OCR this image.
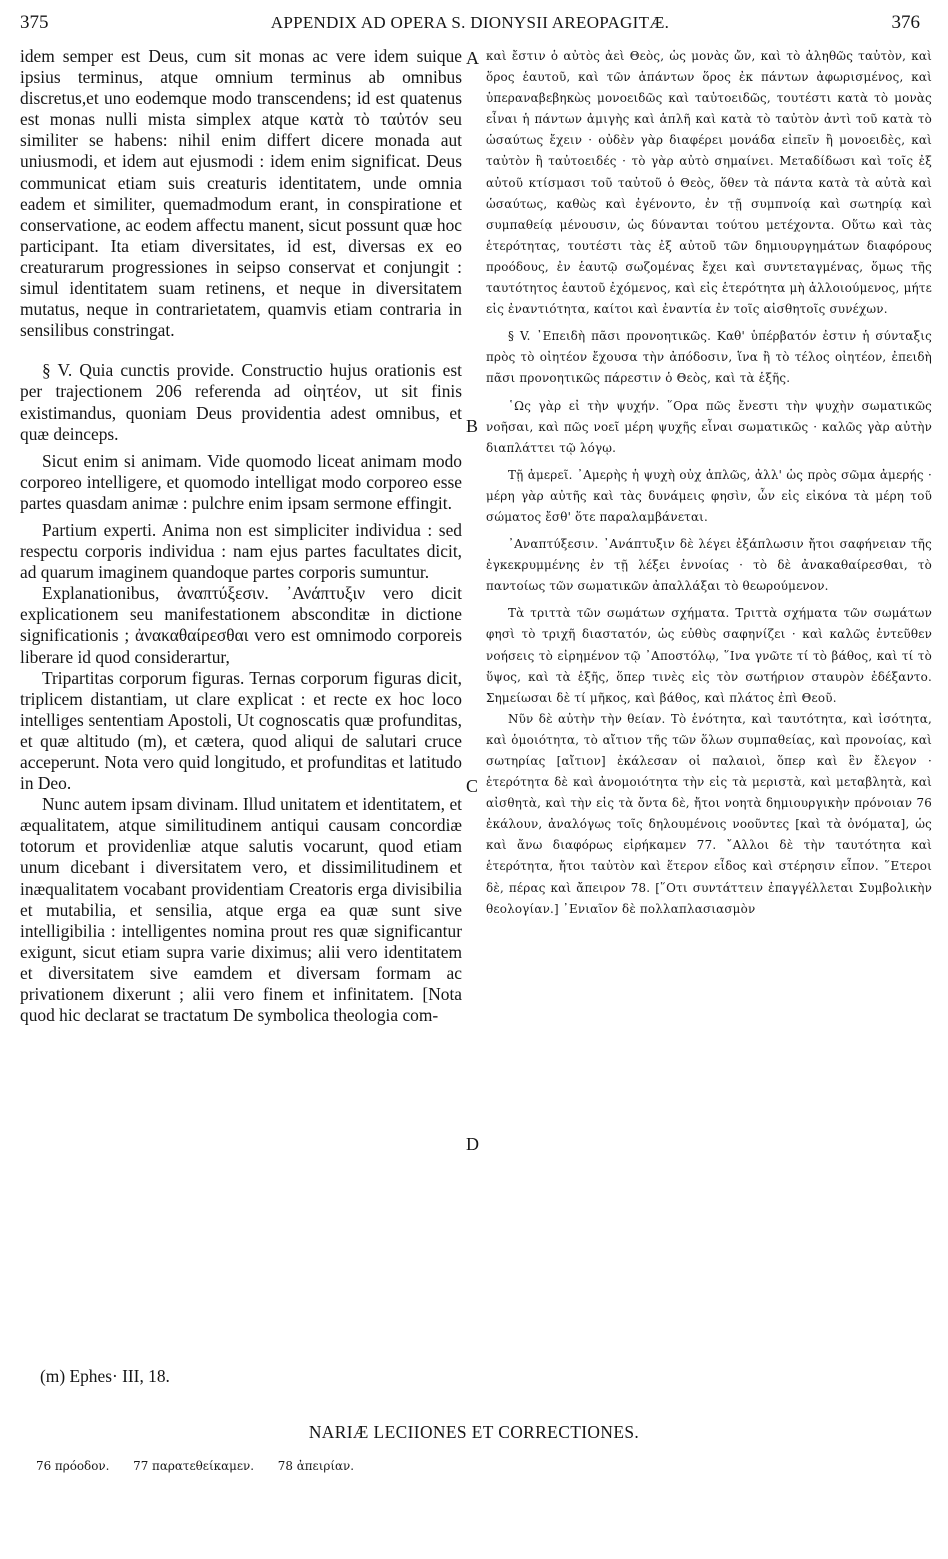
375	APPENDIX AD OPERA S. DIONYSII AREOPAGITÆ.	376
A
B
C
D

idem semper est Deus, cum sit monas ac vere idem suique ipsius terminus, atque omnium terminus ab omnibus discretus,et uno eodemque modo transcendens; id est quatenus est monas nulli mista simplex atque κατὰ τὸ ταὐτόν seu similiter se habens: nihil enim differt dicere monada aut uniusmodi, et idem aut ejusmodi : idem enim significat. Deus communicat etiam suis creaturis identitatem, unde omnia eadem et similiter, quemadmodum erant, in conspiratione et conservatione, ac eodem affectu manent, sicut possunt quæ hoc participant. Ita etiam diversitates, id est, diversas ex eo creaturarum progressiones in seipso conservat et conjungit : simul identitatem suam retinens, et neque in diversitatem mutatus, neque in contrarietatem, quamvis etiam contraria in sensilibus constringat.

§ V. Quia cunctis provide. Constructio hujus orationis est per trajectionem 206 referenda ad οἰητέον, ut sit finis existimandus, quoniam Deus providentia adest omnibus, et quæ deinceps.

Sicut enim si animam. Vide quomodo liceat animam modo corporeo intelligere, et quomodo intelligat modo corporeo esse partes quasdam animæ : pulchre enim ipsam sermone effingit.

Partium experti. Anima non est simpliciter individua : sed respectu corporis individua : nam ejus partes facultates dicit, ad quarum imaginem quandoque partes corporis sumuntur.

Explanationibus, ἀναπτύξεσιν. ᾿Ανάπτυξιν vero dicit explicationem seu manifestationem absconditæ in dictione significationis ; ἀνακαθαίρεσθαι vero est omnimodo corporeis liberare id quod considerartur,

Tripartitas corporum figuras. Ternas corporum figuras dicit, triplicem distantiam, ut clare explicat : et recte ex hoc loco intelliges sententiam Apostoli, Ut cognoscatis quæ profunditas, et quæ altitudo (m), et cætera, quod aliqui de salutari cruce acceperunt. Nota vero quid longitudo, et profunditas et latitudo in Deo.

Nunc autem ipsam divinam. Illud unitatem et identitatem, et æqualitatem, atque similitudinem antiqui causam concordiæ totorum et providenliæ atque salutis vocarunt, quod etiam unum dicebant i diversitatem vero, et dissimilitudinem et inæqualitatem vocabant providentiam Creatoris erga divisibilia et mutabilia, et sensilia, atque erga ea quæ sunt sive intelligibilia : intelligentes nomina prout res quæ significantur exigunt, sicut etiam supra varie diximus; alii vero identitatem et diversitatem sive eamdem et diversam formam ac privationem dixerunt ; alii vero finem et infinitatem. [Nota quod hic declarat se tractatum De symbolica theologia com-

καὶ ἔστιν ὁ αὐτὸς ἀεὶ Θεὸς, ὡς μονὰς ὤν, καὶ τὸ ἀληθῶς ταὐτὸν, καὶ ὅρος ἑαυτοῦ, καὶ τῶν ἁπάντων ὅρος ἐκ πάντων ἀφωρισμένος, καὶ ὑπεραναβεβηκὼς μονοειδῶς καὶ ταὐτοειδῶς, τουτέστι κατὰ τὸ μονὰς εἶναι ἡ πάντων ἀμιγὴς καὶ ἁπλῆ καὶ κατὰ τὸ ταὐτὸν ἀντὶ τοῦ κατὰ τὸ ὡσαύτως ἔχειν · οὐδὲν γὰρ διαφέρει μονάδα εἰπεῖν ἢ μονοειδὲς, καὶ ταὐτὸν ἢ ταὐτοειδές · τὸ γὰρ αὐτὸ σημαίνει. Μεταδίδωσι καὶ τοῖς ἐξ αὐτοῦ κτίσμασι τοῦ ταὐτοῦ ὁ Θεὸς, ὅθεν τὰ πάντα κατὰ τὰ αὐτὰ καὶ ὡσαύτως, καθὼς καὶ ἐγένοντο, ἐν τῇ συμπνοίᾳ καὶ σωτηρίᾳ καὶ συμπαθείᾳ μένουσιν, ὡς δύνανται τούτου μετέχοντα. Οὕτω καὶ τὰς ἑτερότητας, τουτέστι τὰς ἐξ αὐτοῦ τῶν δημιουργημάτων διαφόρους προόδους, ἐν ἑαυτῷ σωζομένας ἔχει καὶ συντεταγμένας, ὅμως τῆς ταυτότητος ἑαυτοῦ ἐχόμενος, καὶ εἰς ἑτερότητα μὴ ἀλλοιούμενος, μήτε εἰς ἐναντιότητα, καίτοι καὶ ἐναντία ἐν τοῖς αἰσθητοῖς συνέχων.

§ V. ᾿Επειδὴ πᾶσι προνοητικῶς. Καθ' ὑπέρβατόν ἐστιν ἡ σύνταξις πρὸς τὸ οἰητέον ἔχουσα τὴν ἀπόδοσιν, ἵνα ἢ τὸ τέλος οἰητέον, ἐπειδὴ πᾶσι προνοητικῶς πάρεστιν ὁ Θεὸς, καὶ τὰ ἑξῆς.

῾Ως γὰρ εἰ τὴν ψυχήν. ῞Ορα πῶς ἔνεστι τὴν ψυχὴν σωματικῶς νοῆσαι, καὶ πῶς νοεῖ μέρη ψυχῆς εἶναι σωματικῶς · καλῶς γὰρ αὐτὴν διαπλάττει τῷ λόγῳ.

Τῇ ἀμερεῖ. ᾿Αμερὴς ἡ ψυχὴ οὐχ ἁπλῶς, ἀλλ' ὡς πρὸς σῶμα ἀμερής · μέρη γὰρ αὐτῆς καὶ τὰς δυνάμεις φησὶν, ὧν εἰς εἰκόνα τὰ μέρη τοῦ σώματος ἔσθ' ὅτε παραλαμβάνεται.

᾿Αναπτύξεσιν. ᾿Ανάπτυξιν δὲ λέγει ἐξάπλωσιν ἤτοι σαφήνειαν τῆς ἐγκεκρυμμένης ἐν τῇ λέξει ἐννοίας · τὸ δὲ ἀνακαθαίρεσθαι, τὸ παντοίως τῶν σωματικῶν ἀπαλλάξαι τὸ θεωρούμενον.

Τὰ τριττὰ τῶν σωμάτων σχήματα. Τριττὰ σχήματα τῶν σωμάτων φησὶ τὸ τριχῆ διαστατόν, ὡς εὐθὺς σαφηνίζει · καὶ καλῶς ἐντεῦθεν νοήσεις τὸ εἰρημένον τῷ ᾿Αποστόλῳ, ῞Ινα γνῶτε τί τὸ βάθος, καὶ τί τὸ ὕψος, καὶ τὰ ἑξῆς, ὅπερ τινὲς εἰς τὸν σωτήριον σταυρὸν ἐδέξαντο. Σημείωσαι δὲ τί μῆκος, καὶ βάθος, καὶ πλάτος ἐπὶ Θεοῦ.

Νῦν δὲ αὐτὴν τὴν θείαν. Τὸ ἑνότητα, καὶ ταυτότητα, καὶ ἰσότητα, καὶ ὁμοιότητα, τὸ αἴτιον τῆς τῶν ὅλων συμπαθείας, καὶ προνοίας, καὶ σωτηρίας [αἴτιον] ἐκάλεσαν οἱ παλαιοὶ, ὅπερ καὶ ἓν ἔλεγον · ἑτερότητα δὲ καὶ ἀνομοιότητα τὴν εἰς τὰ μεριστὰ, καὶ μεταβλητὰ, καὶ αἰσθητὰ, καὶ τὴν εἰς τὰ ὄντα δὲ, ἤτοι νοητὰ δημιουργικὴν πρόνοιαν 76 ἐκάλουν, ἀναλόγως τοῖς δηλουμένοις νοοῦντες [καὶ τὰ ὀνόματα], ὡς καὶ ἄνω διαφόρως εἰρήκαμεν 77. ῎Αλλοι δὲ τὴν ταυτότητα καὶ ἑτερότητα, ἤτοι ταὐτὸν καὶ ἕτερον εἶδος καὶ στέρησιν εἶπον. ῞Ετεροι δὲ, πέρας καὶ ἄπειρον 78. [῞Οτι συντάττειν ἐπαγγέλλεται Συμβολικὴν θεολογίαν.] ᾿Ενιαῖον δὲ πολλαπλασιασμὸν

(m) Ephes· III, 18.
NARIÆ LECIIONES ET CORRECTIONES.
76 πρόοδον. 77 παρατεθείκαμεν. 78 ἀπειρίαν.
